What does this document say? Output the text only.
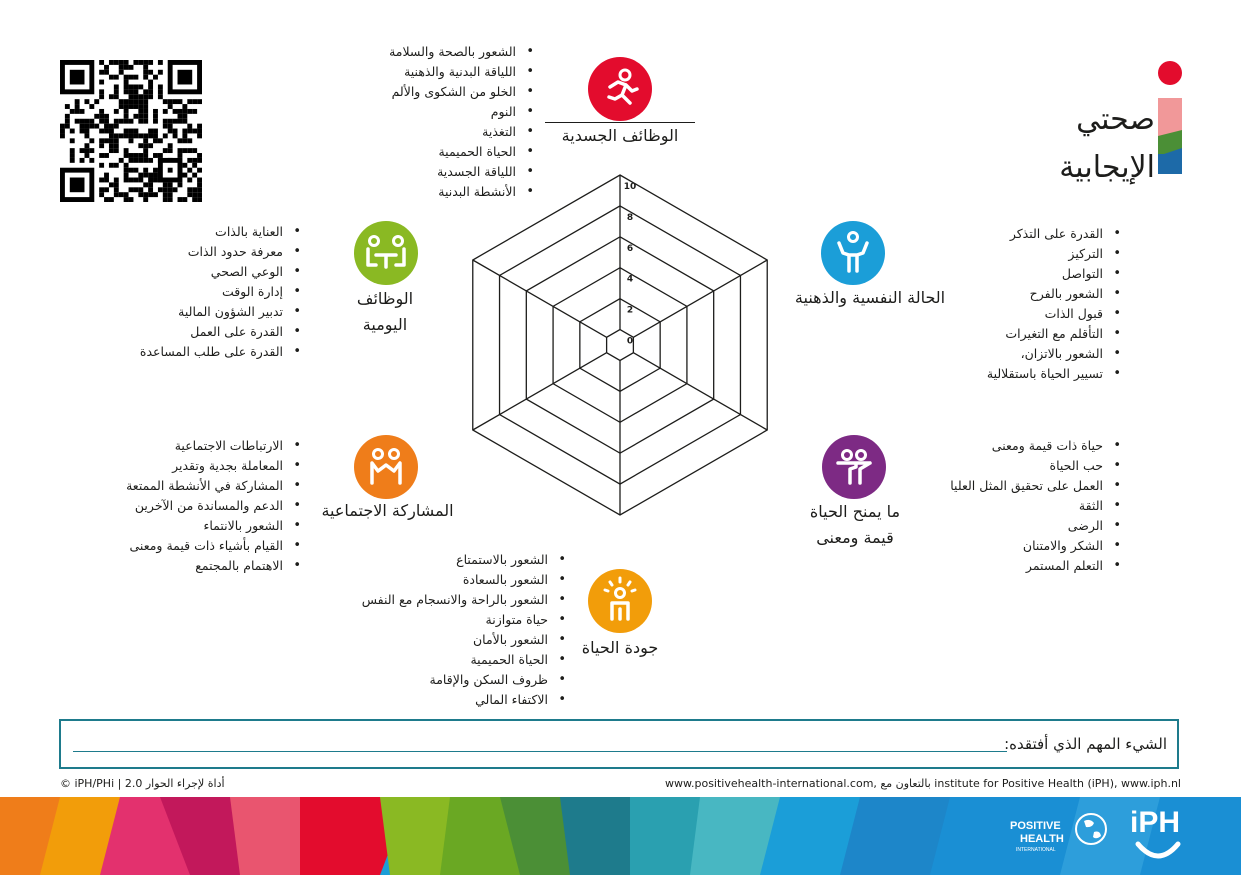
صحتي
الإيجابية
0
2
4
6
8
10
الوظائف الجسدية
• الشعور بالصحة والسلامة
• اللياقة البدنية والذهنية
• الخلو من الشكوى والألم
• النوم
• التغذية
• الحياة الحميمية
• اللياقة الجسدية
• الأنشطة البدنية
الحالة النفسية والذهنية
• القدرة على التذكر
• التركيز
• التواصل
• الشعور بالفرح
• قبول الذات
• التأقلم مع التغيرات
• الشعور بالاتزان،
• تسيير الحياة باستقلالية
ما يمنح الحياة
قيمة ومعنى
• حياة ذات قيمة ومعنى
• حب الحياة
• العمل على تحقيق المثل العليا
• الثقة
• الرضى
• الشكر والامتنان
• التعلم المستمر
جودة الحياة
• الشعور بالاستمتاع
• الشعور بالسعادة
• الشعور بالراحة والانسجام مع النفس
• حياة متوازنة
• الشعور بالأمان
• الحياة الحميمية
• ظروف السكن والإقامة
• الاكتفاء المالي
المشاركة الاجتماعية
• الارتباطات الاجتماعية
• المعاملة بجدية وتقدير
• المشاركة في الأنشطة الممتعة
• الدعم والمساندة من الآخرين
• الشعور بالانتماء
• القيام بأشياء ذات قيمة ومعنى
• الاهتمام بالمجتمع
الوظائف
اليومية
• العناية بالذات
• معرفة حدود الذات
• الوعي الصحي
• إدارة الوقت
• تدبير الشؤون المالية
• القدرة على العمل
• القدرة على طلب المساعدة
الشيء المهم الذي أفتقده:
© iPH/PHi | أداة لإجراء الحوار 2.0	www.positivehealth-international.com, بالتعاون مع institute for Positive Health (iPH), www.iph.nl
POSITIVE
HEALTH
INTERNATIONAL
iPH
